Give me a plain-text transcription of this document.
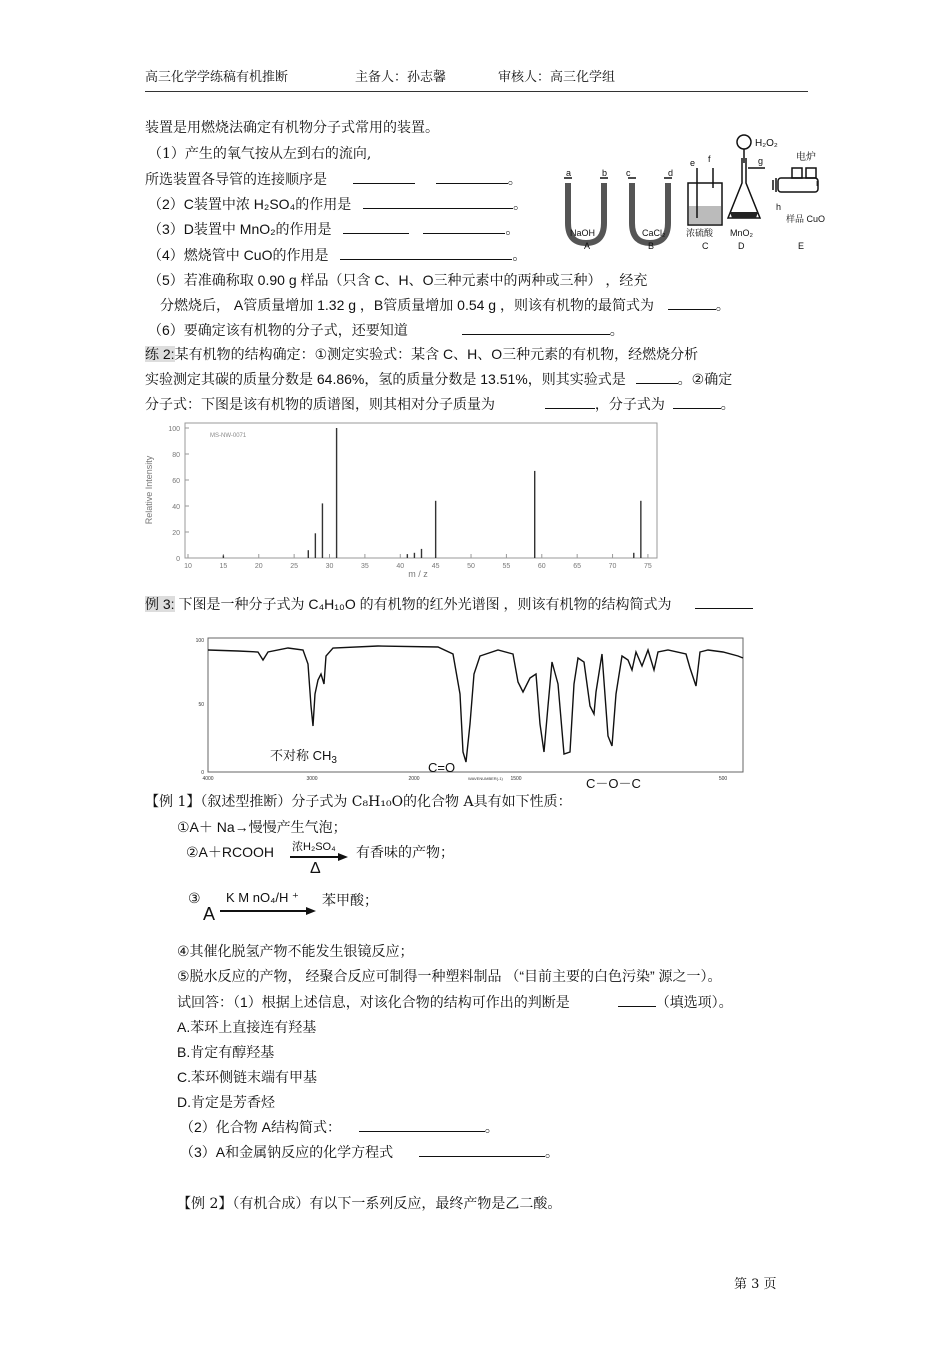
高三化学学练稿有机推断	主备人：孙志馨	审核人：高三化学组
装置是用燃烧法确定有机物分子式常用的装置。
（1）产生的氧气按从左到右的流向,
所选装置各导管的连接顺序是	。
（2）C装置中浓 H₂SO₄的作用是	。
（3）D装置中 MnO₂的作用是	。
（4）燃烧管中 CuO的作用是	。
（5）若准确称取 0.90 g 样品（只含 C、H、O三种元素中的两种或三种） ，经充
分燃烧后， A管质量增加 1.32 g ，B管质量增加 0.54 g ，则该有机物的最简式为	。
（6）要确定该有机物的分子式，还要知道	。
H₂O₂
电炉
a	b c	d
e f	g
h
i
NaOH	CaCl₂ 浓硫酸 MnO₂
样品 CuO
A	B	C	D	E
练 2:某有机物的结构确定：①测定实验式：某含 C、H、O三种元素的有机物，经燃烧分析
实验测定其碳的质量分数是 64.86%，氢的质量分数是 13.51%，则其实验式是	。②确定
分子式：下图是该有机物的质谱图，则其相对分子质量为	，分子式为	。
MS-NW-0071
Relative Intensity
m / z
100
80
60
40
20
0
10	15	20	25	30	35	40	45	50	55	60	65	70	75
例 3: 下图是一种分子式为 C₄H₁₀O 的有机物的红外光谱图 ，则该有机物的结构简式为
100
50
0
4000	3000	2000	1500	500
WAVENUMBER(-1)
不对称 $CH_3$	C=O
C－O－C
【例 1】（叙述型推断）分子式为 C₈H₁₀O的化合物 A具有如下性质：
①A＋ Na→慢慢产生气泡；
②A＋RCOOH 浓H₂SO₄
Δ
有香味的产物；
③
A
K M nO₄/H ⁺ 苯甲酸；
④其催化脱氢产物不能发生银镜反应；
⑤脱水反应的产物， 经聚合反应可制得一种塑料制品 （“目前主要的白色污染” 源之一）。
试回答：（1）根据上述信息，对该化合物的结构可作出的判断是	（填选项）。
A.苯环上直接连有羟基
B.肯定有醇羟基
C.苯环侧链末端有甲基
D.肯定是芳香烃
（2）化合物 A结构简式：	。
（3）A和金属钠反应的化学方程式	。
【例 2】（有机合成）有以下一系列反应，最终产物是乙二酸。
第 3 页
